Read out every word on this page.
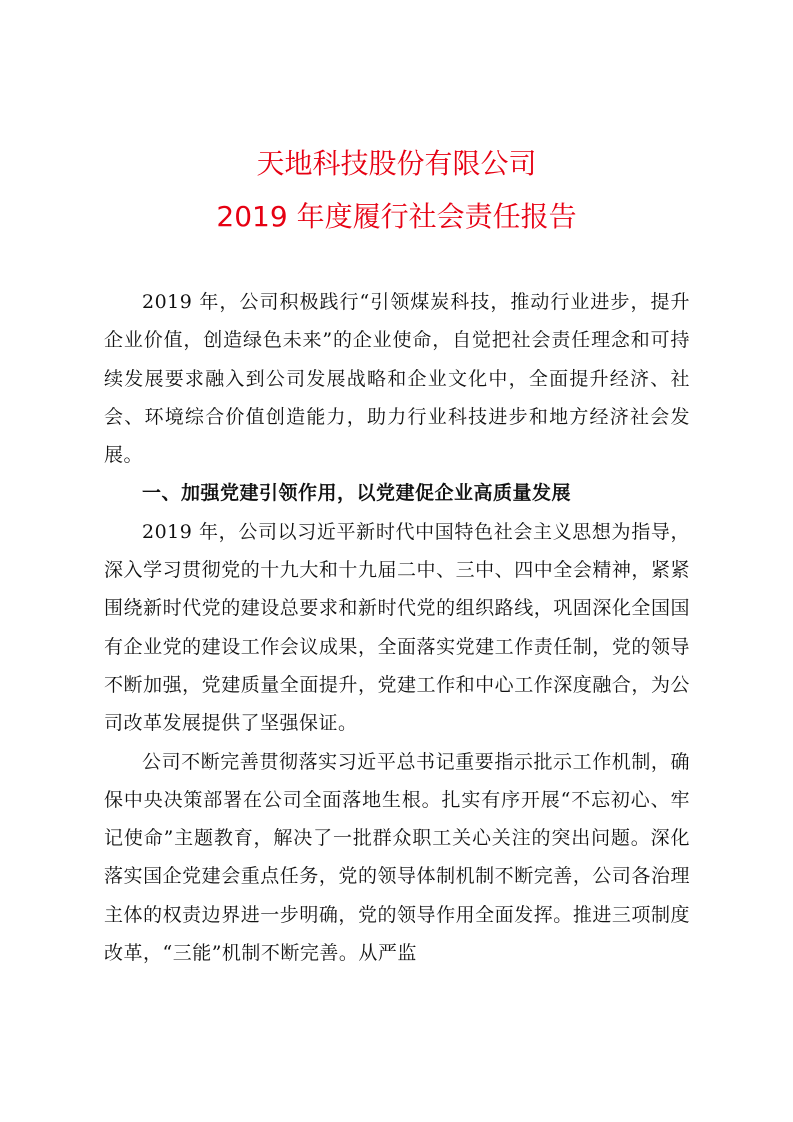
天地科技股份有限公司
2019 年度履行社会责任报告

2019 年，公司积极践行“引领煤炭科技，推动行业进步，提升企业价值，创造绿色未来”的企业使命，自觉把社会责任理念和可持续发展要求融入到公司发展战略和企业文化中，全面提升经济、社会、环境综合价值创造能力，助力行业科技进步和地方经济社会发展。

一、加强党建引领作用，以党建促企业高质量发展

2019 年，公司以习近平新时代中国特色社会主义思想为指导，深入学习贯彻党的十九大和十九届二中、三中、四中全会精神，紧紧围绕新时代党的建设总要求和新时代党的组织路线，巩固深化全国国有企业党的建设工作会议成果，全面落实党建工作责任制，党的领导不断加强，党建质量全面提升，党建工作和中心工作深度融合，为公司改革发展提供了坚强保证。

公司不断完善贯彻落实习近平总书记重要指示批示工作机制，确保中央决策部署在公司全面落地生根。扎实有序开展“不忘初心、牢记使命”主题教育，解决了一批群众职工关心关注的突出问题。深化落实国企党建会重点任务，党的领导体制机制不断完善，公司各治理主体的权责边界进一步明确，党的领导作用全面发挥。推进三项制度改革，“三能”机制不断完善。从严监
